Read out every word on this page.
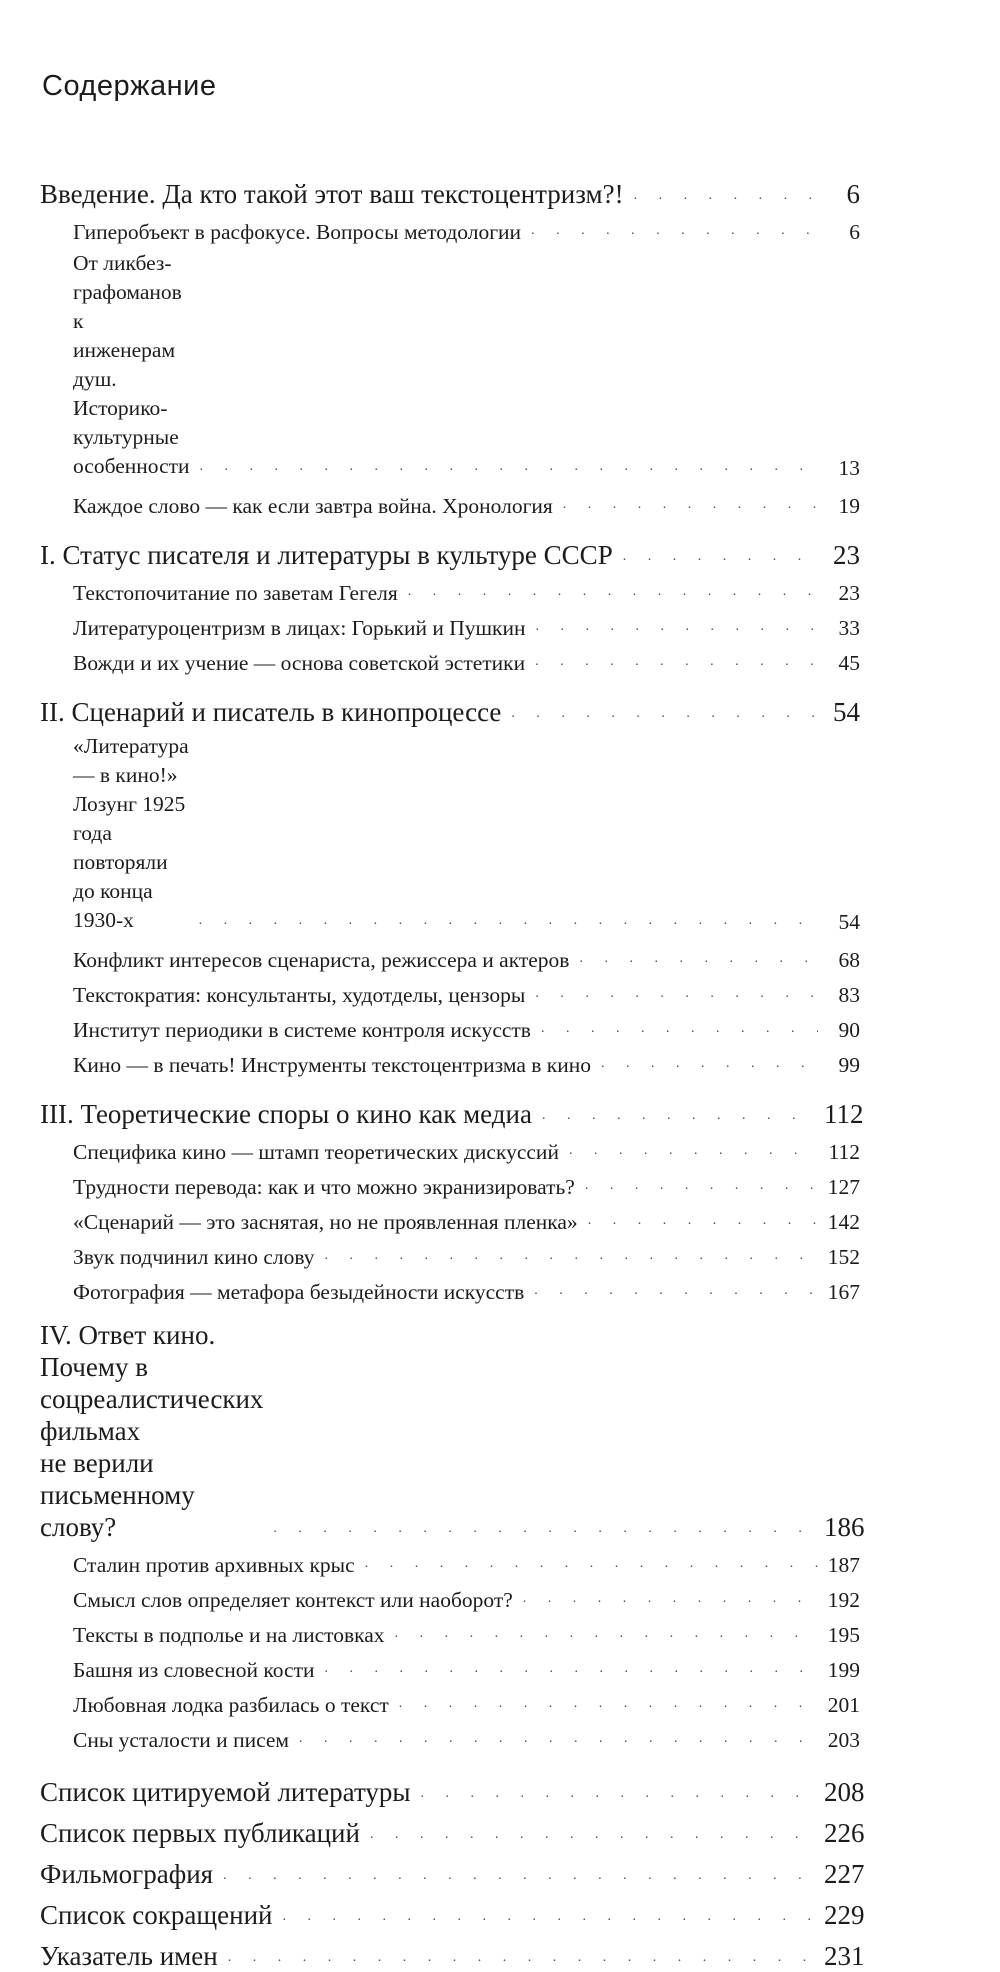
Содержание
Введение. Да кто такой этот ваш текстоцентризм?! . . .	6
Гиперобъект в расфокусе. Вопросы методологии . . .	6
От ликбез-графоманов к инженерам душ.
Историко-культурные особенности . . .	13
Каждое слово — как если завтра война. Хронология . . .	19
I. Статус писателя и литературы в культуре СССР . . .	23
Текстопочитание по заветам Гегеля . . .	23
Литературоцентризм в лицах: Горький и Пушкин . . .	33
Вожди и их учение — основа советской эстетики . . .	45
II. Сценарий и писатель в кинопроцессе . . .	54
«Литература — в кино!»
Лозунг 1925 года повторяли до конца 1930-х . . .	54
Конфликт интересов сценариста, режиссера и актеров . . .	68
Текстократия: консультанты, худотделы, цензоры . . .	83
Институт периодики в системе контроля искусств . . .	90
Кино — в печать! Инструменты текстоцентризма в кино . . .	99
III. Теоретические споры о кино как медиа . . .	112
Специфика кино — штамп теоретических дискуссий . . .	112
Трудности перевода: как и что можно экранизировать? . . .	127
«Сценарий — это заснятая, но не проявленная пленка» . . .	142
Звук подчинил кино слову . . .	152
Фотография — метафора безыдейности искусств . . .	167
IV. Ответ кино. Почему в соцреалистических фильмах
не верили письменному слову? . . .	186
Сталин против архивных крыс . . .	187
Смысл слов определяет контекст или наоборот? . . .	192
Тексты в подполье и на листовках . . .	195
Башня из словесной кости . . .	199
Любовная лодка разбилась о текст . . .	201
Сны усталости и писем . . .	203
Список цитируемой литературы . . .	208
Список первых публикаций . . .	226
Фильмография . . .	227
Список сокращений . . .	229
Указатель имен . . .	231
